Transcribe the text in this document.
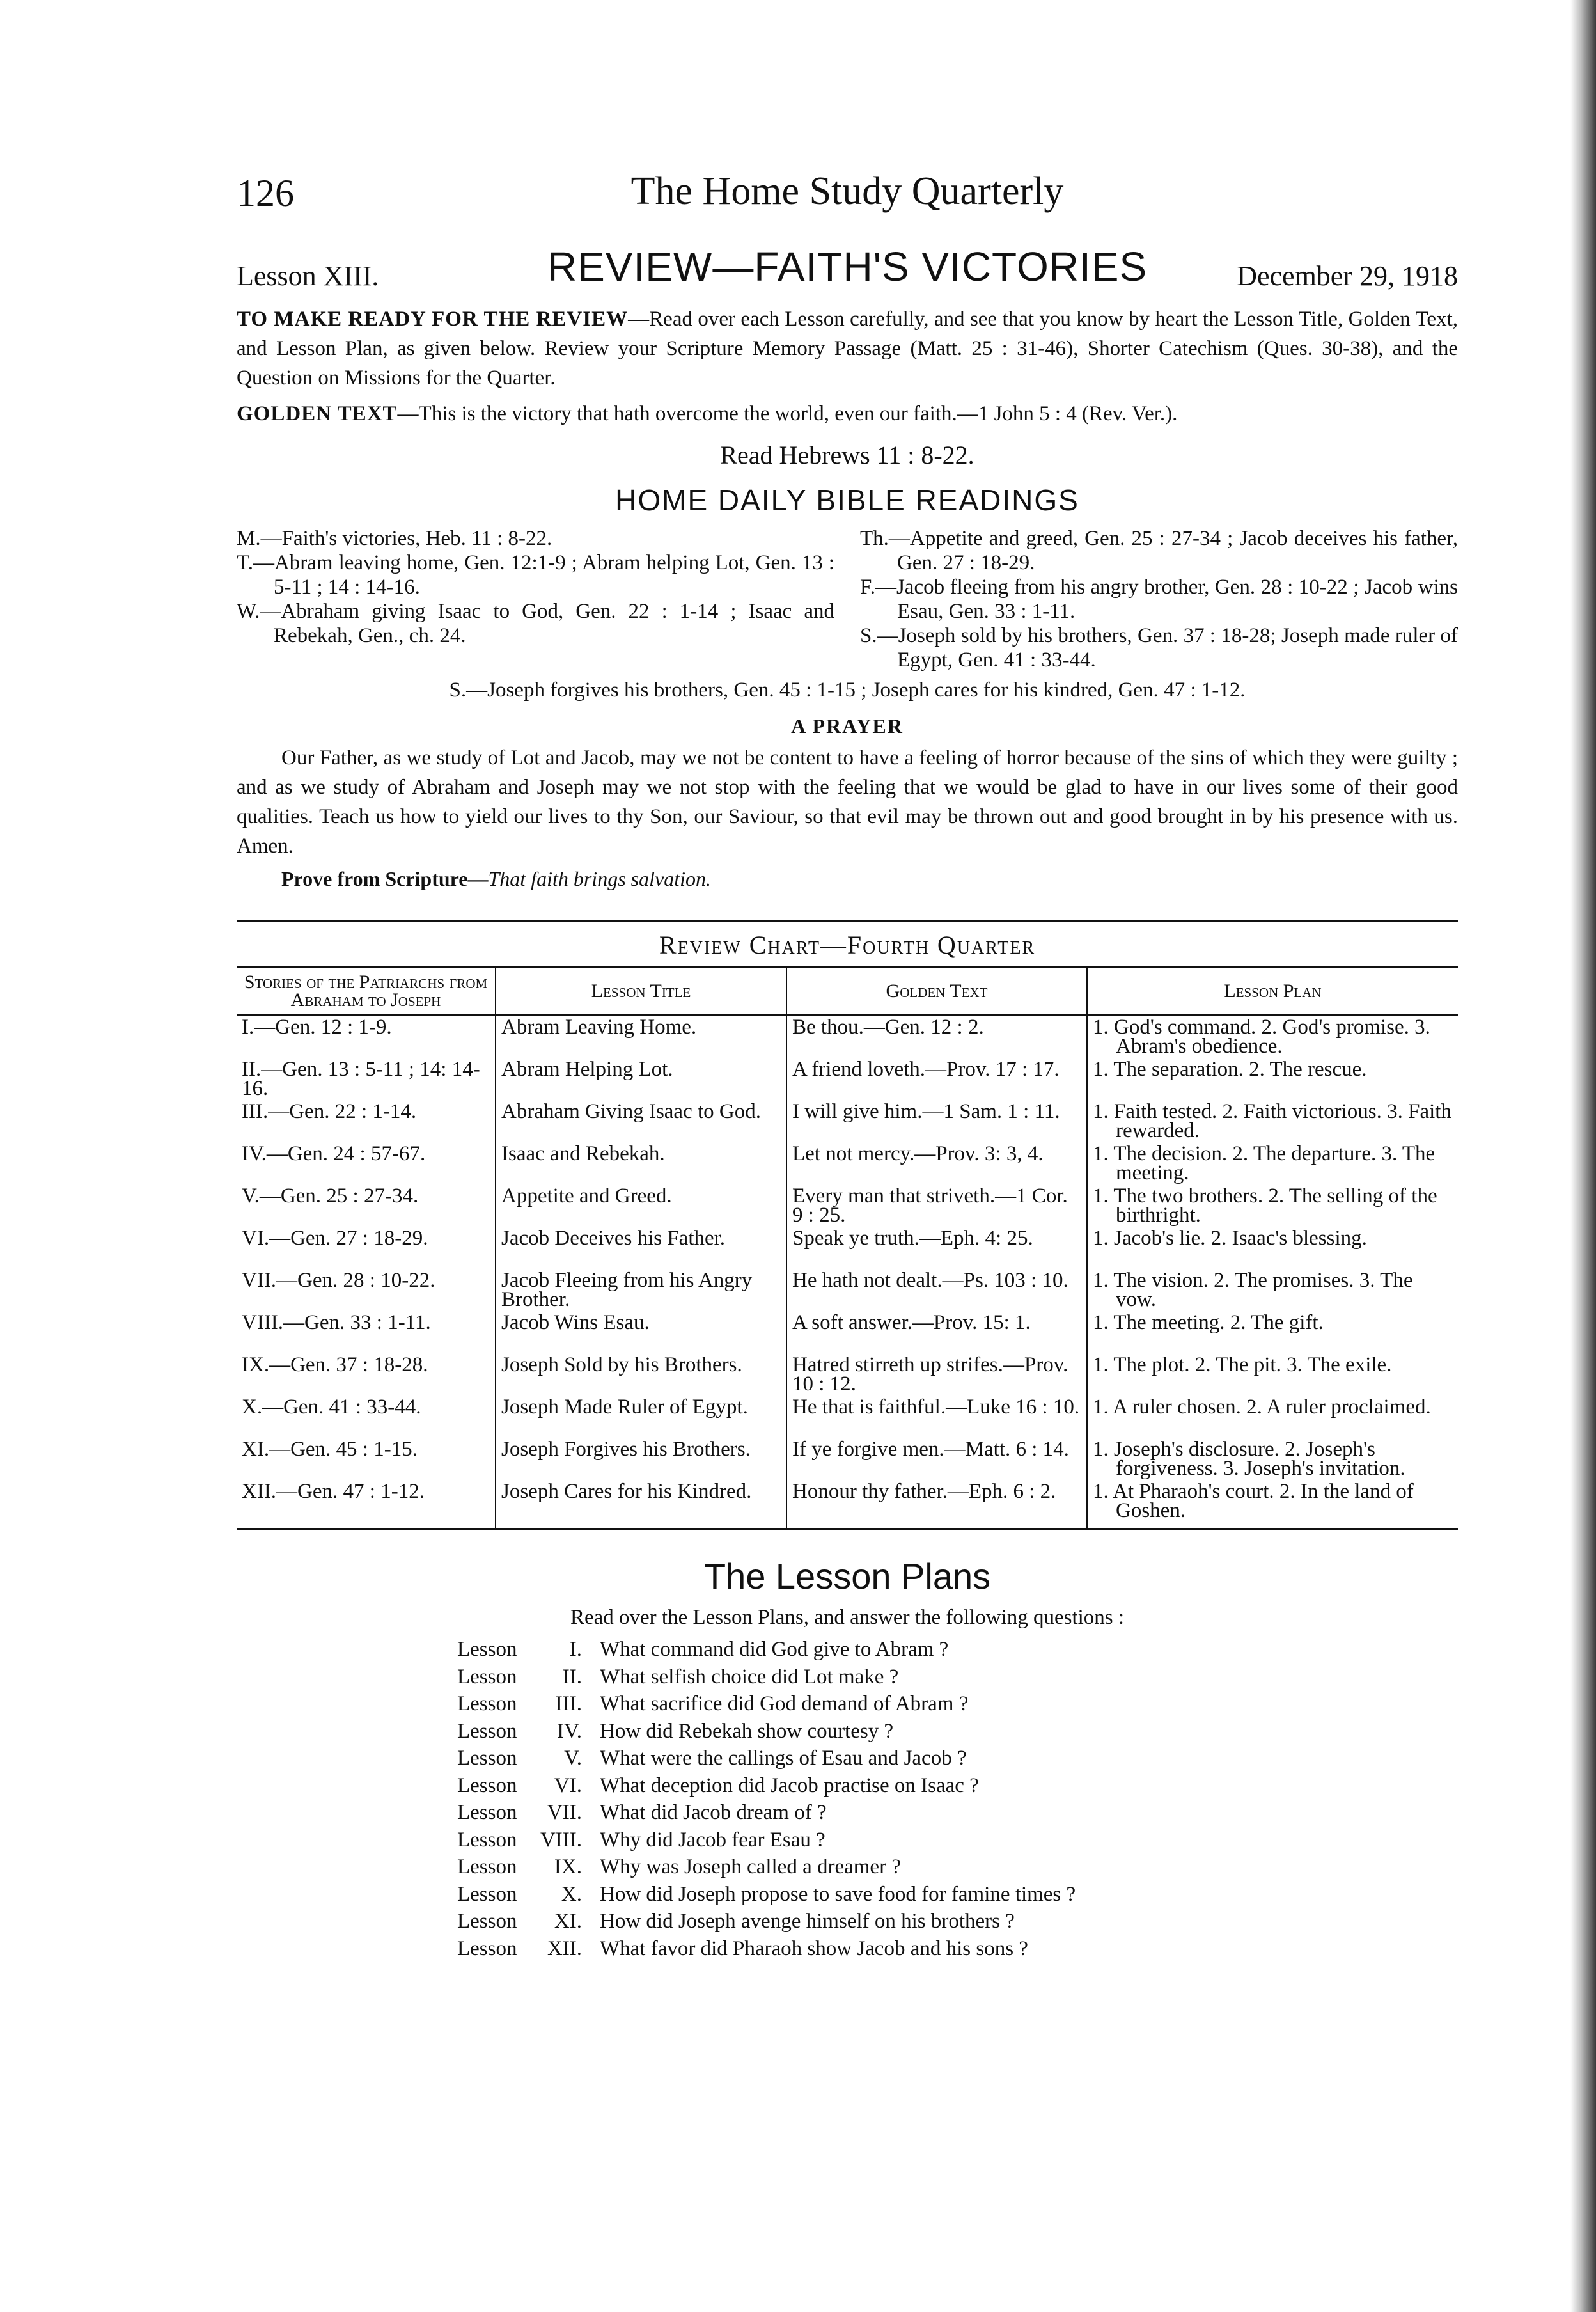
126	The Home Study Quarterly
Lesson XIII.	REVIEW—FAITH'S VICTORIES	December 29, 1918

TO MAKE READY FOR THE REVIEW—Read over each Lesson carefully, and see that you know by heart the Lesson Title, Golden Text, and Lesson Plan, as given below. Review your Scripture Memory Passage (Matt. 25 : 31-46), Shorter Catechism (Ques. 30-38), and the Question on Missions for the Quarter.

GOLDEN TEXT—This is the victory that hath overcome the world, even our faith.—1 John 5 : 4 (Rev. Ver.).

Read Hebrews 11 : 8-22.
HOME DAILY BIBLE READINGS

M.—Faith's victories, Heb. 11 : 8-22.

T.—Abram leaving home, Gen. 12:1-9 ; Abram helping Lot, Gen. 13 : 5-11 ; 14 : 14-16.

W.—Abraham giving Isaac to God, Gen. 22 : 1-14 ; Isaac and Rebekah, Gen., ch. 24.

Th.—Appetite and greed, Gen. 25 : 27-34 ; Jacob deceives his father, Gen. 27 : 18-29.

F.—Jacob fleeing from his angry brother, Gen. 28 : 10-22 ; Jacob wins Esau, Gen. 33 : 1-11.

S.—Joseph sold by his brothers, Gen. 37 : 18-28; Joseph made ruler of Egypt, Gen. 41 : 33-44.

S.—Joseph forgives his brothers, Gen. 45 : 1-15 ; Joseph cares for his kindred, Gen. 47 : 1-12.
A PRAYER

Our Father, as we study of Lot and Jacob, may we not be content to have a feeling of horror because of the sins of which they were guilty ; and as we study of Abraham and Joseph may we not stop with the feeling that we would be glad to have in our lives some of their good qualities. Teach us how to yield our lives to thy Son, our Saviour, so that evil may be thrown out and good brought in by his presence with us. Amen.

Prove from Scripture—That faith brings salvation.

Review Chart—Fourth Quarter
Stories of the Patriarchs from Abraham to Joseph	Lesson Title	Golden Text	Lesson Plan
I.—Gen. 12 : 1-9.	Abram Leaving Home.	Be thou.—Gen. 12 : 2.	1. God's command. 2. God's promise. 3. Abram's obedience.
II.—Gen. 13 : 5-11 ; 14: 14-16.	Abram Helping Lot.	A friend loveth.—Prov. 17 : 17.	1. The separation. 2. The rescue.
III.—Gen. 22 : 1-14.	Abraham Giving Isaac to God.	I will give him.—1 Sam. 1 : 11.	1. Faith tested. 2. Faith victorious. 3. Faith rewarded.
IV.—Gen. 24 : 57-67.	Isaac and Rebekah.	Let not mercy.—Prov. 3: 3, 4.	1. The decision. 2. The departure. 3. The meeting.
V.—Gen. 25 : 27-34.	Appetite and Greed.	Every man that striveth.—1 Cor. 9 : 25.	1. The two brothers. 2. The selling of the birthright.
VI.—Gen. 27 : 18-29.	Jacob Deceives his Father.	Speak ye truth.—Eph. 4: 25.	1. Jacob's lie. 2. Isaac's blessing.
VII.—Gen. 28 : 10-22.	Jacob Fleeing from his Angry Brother.	He hath not dealt.—Ps. 103 : 10.	1. The vision. 2. The promises. 3. The vow.
VIII.—Gen. 33 : 1-11.	Jacob Wins Esau.	A soft answer.—Prov. 15: 1.	1. The meeting. 2. The gift.
IX.—Gen. 37 : 18-28.	Joseph Sold by his Brothers.	Hatred stirreth up strifes.—Prov. 10 : 12.	1. The plot. 2. The pit. 3. The exile.
X.—Gen. 41 : 33-44.	Joseph Made Ruler of Egypt.	He that is faithful.—Luke 16 : 10.	1. A ruler chosen. 2. A ruler proclaimed.
XI.—Gen. 45 : 1-15.	Joseph Forgives his Brothers.	If ye forgive men.—Matt. 6 : 14.	1. Joseph's disclosure. 2. Joseph's forgiveness. 3. Joseph's invitation.
XII.—Gen. 47 : 1-12.	Joseph Cares for his Kindred.	Honour thy father.—Eph. 6 : 2.	1. At Pharaoh's court. 2. In the land of Goshen.
The Lesson Plans
Read over the Lesson Plans, and answer the following questions :
Lesson	I. What command did God give to Abram ?
Lesson	II. What selfish choice did Lot make ?
Lesson	III. What sacrifice did God demand of Abram ?
Lesson	IV. How did Rebekah show courtesy ?
Lesson	V. What were the callings of Esau and Jacob ?
Lesson	VI. What deception did Jacob practise on Isaac ?
Lesson	VII. What did Jacob dream of ?
Lesson	VIII. Why did Jacob fear Esau ?
Lesson	IX. Why was Joseph called a dreamer ?
Lesson	X. How did Joseph propose to save food for famine times ?
Lesson	XI. How did Joseph avenge himself on his brothers ?
Lesson	XII. What favor did Pharaoh show Jacob and his sons ?
